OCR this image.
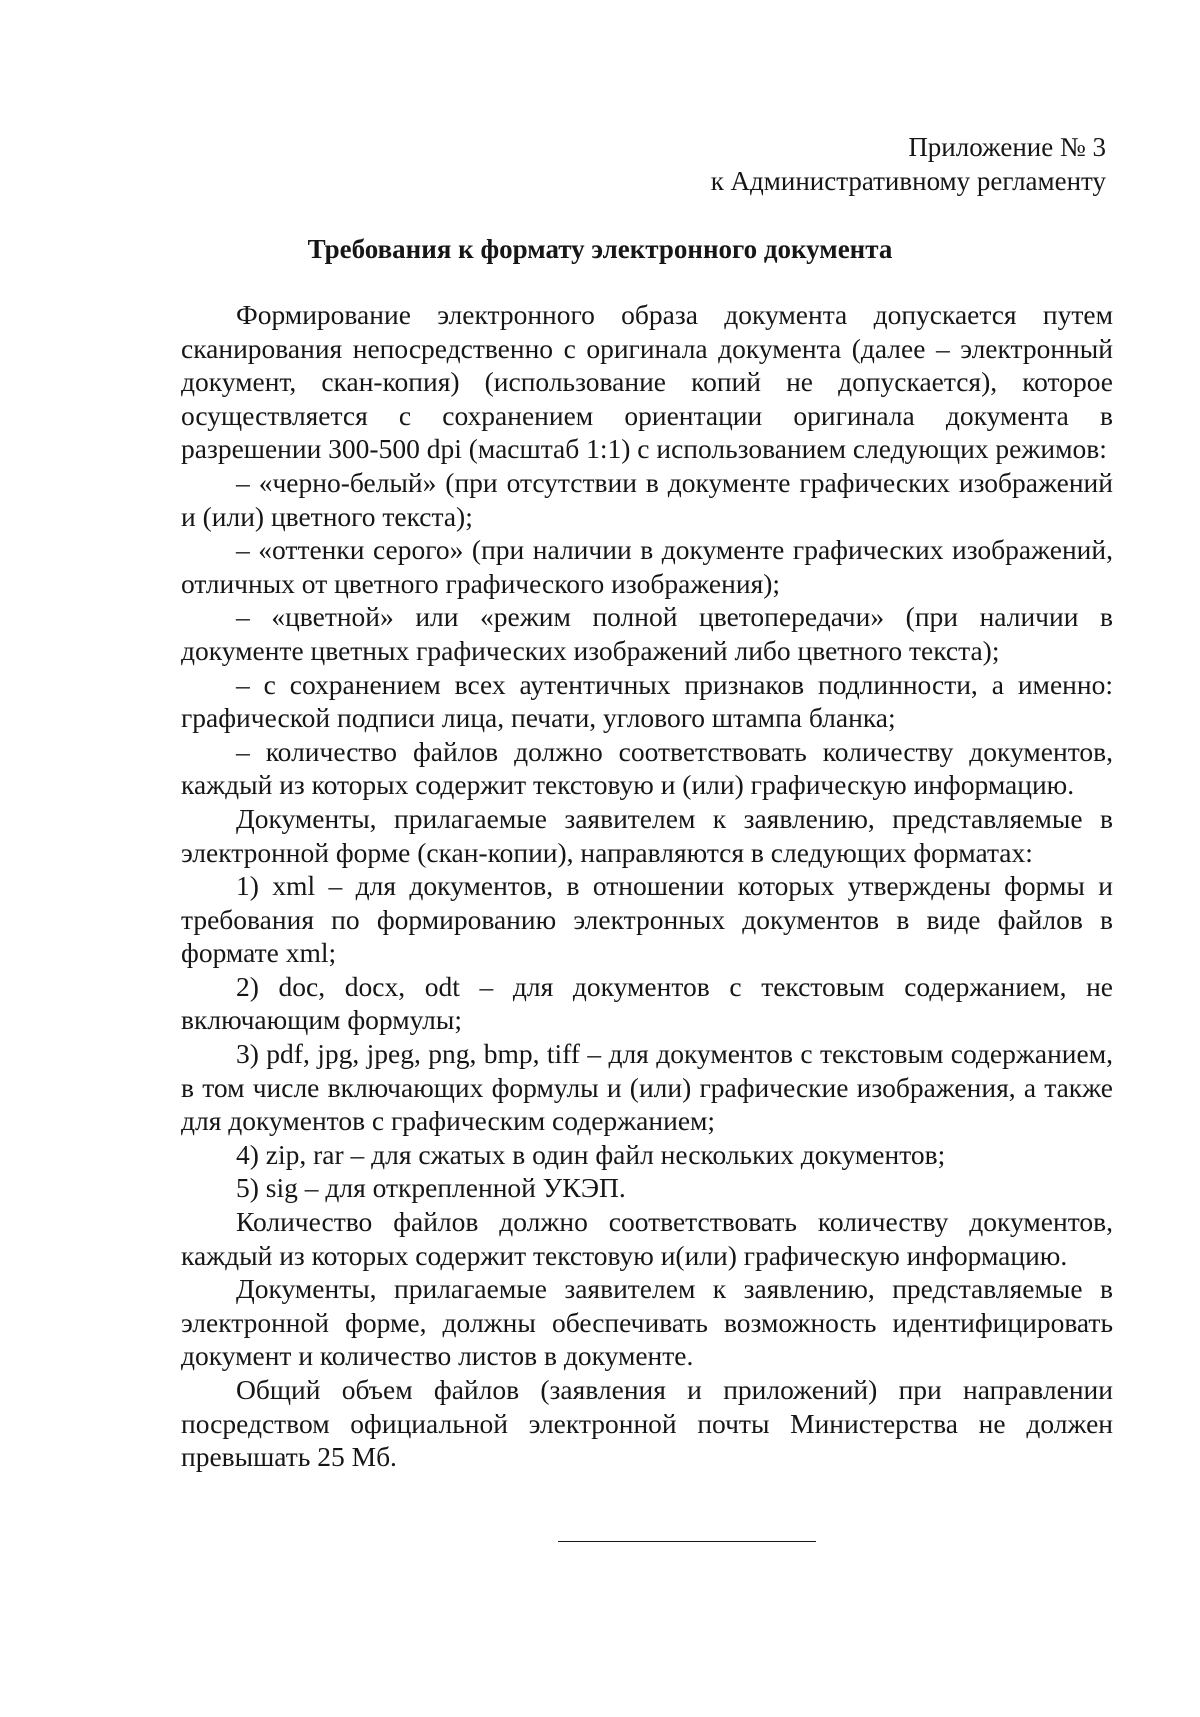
Приложение № 3
к Административному регламенту
Требования к формату электронного документа

Формирование электронного образа документа допускается путем сканирования непосредственно с оригинала документа (далее – электронный документ, скан-копия) (использование копий не допускается), которое осуществляется с сохранением ориентации оригинала документа в разрешении 300-500 dpi (масштаб 1:1) с использованием следующих режимов:

– «черно-белый» (при отсутствии в документе графических изображений и (или) цветного текста);

– «оттенки серого» (при наличии в документе графических изображений, отличных от цветного графического изображения);

– «цветной» или «режим полной цветопередачи» (при наличии в документе цветных графических изображений либо цветного текста);

– с сохранением всех аутентичных признаков подлинности, а именно: графической подписи лица, печати, углового штампа бланка;

– количество файлов должно соответствовать количеству документов, каждый из которых содержит текстовую и (или) графическую информацию.

Документы, прилагаемые заявителем к заявлению, представляемые в электронной форме (скан-копии), направляются в следующих форматах:

1) xml – для документов, в отношении которых утверждены формы и требования по формированию электронных документов в виде файлов в формате xml;

2) doc, docx, odt – для документов с текстовым содержанием, не включающим формулы;

3) pdf, jpg, jpeg, png, bmp, tiff – для документов с текстовым содержанием, в том числе включающих формулы и (или) графические изображения, а также для документов с графическим содержанием;

4) zip, rar – для сжатых в один файл нескольких документов;

5) sig – для открепленной УКЭП.

Количество файлов должно соответствовать количеству документов, каждый из которых содержит текстовую и(или) графическую информацию.

Документы, прилагаемые заявителем к заявлению, представляемые в электронной форме, должны обеспечивать возможность идентифицировать документ и количество листов в документе.

Общий объем файлов (заявления и приложений) при направлении посредством официальной электронной почты Министерства не должен превышать 25 Мб.
